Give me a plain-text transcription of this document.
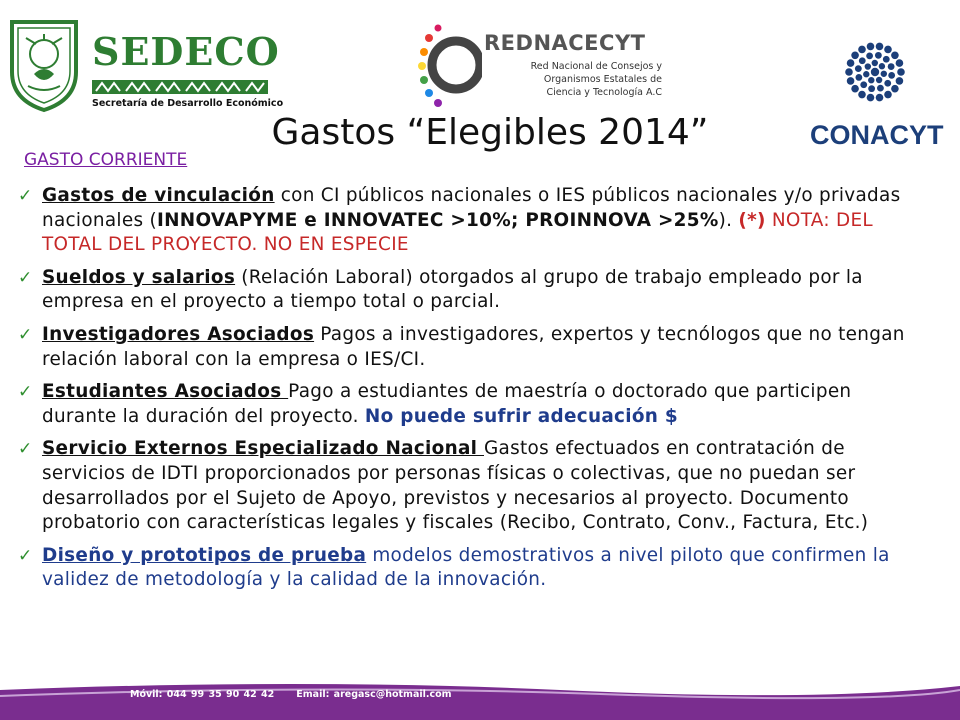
SEDECO
Secretaría de Desarrollo Económico
REDNACECYT
Red Nacional de Consejos y
Organismos Estatales de
Ciencia y Tecnología A.C
CONACYT
Gastos “Elegibles 2014”
GASTO CORRIENTE
✓ Gastos de vinculación con CI públicos nacionales o IES públicos nacionales y/o privadas nacionales (INNOVAPYME e INNOVATEC >10%; PROINNOVA >25%). (*) NOTA: DEL TOTAL DEL PROYECTO. NO EN ESPECIE
✓ Sueldos y salarios (Relación Laboral) otorgados al grupo de trabajo empleado por la empresa en el proyecto a tiempo total o parcial.
✓ Investigadores Asociados Pagos a investigadores, expertos y tecnólogos que no tengan relación laboral con la empresa o IES/CI.
✓ Estudiantes Asociados Pago a estudiantes de maestría o doctorado que participen durante la duración del proyecto. No puede sufrir adecuación $
✓ Servicio Externos Especializado Nacional Gastos efectuados en contratación de servicios de IDTI proporcionados por personas físicas o colectivas, que no puedan ser desarrollados por el Sujeto de Apoyo, previstos y necesarios al proyecto. Documento probatorio con características legales y fiscales (Recibo, Contrato, Conv., Factura, Etc.)
✓ Diseño y prototipos de prueba modelos demostrativos a nivel piloto que confirmen la validez de metodología y la calidad de la innovación.
Móvil: 044 99 35 90 42 42 Email: aregasc@hotmail.com
